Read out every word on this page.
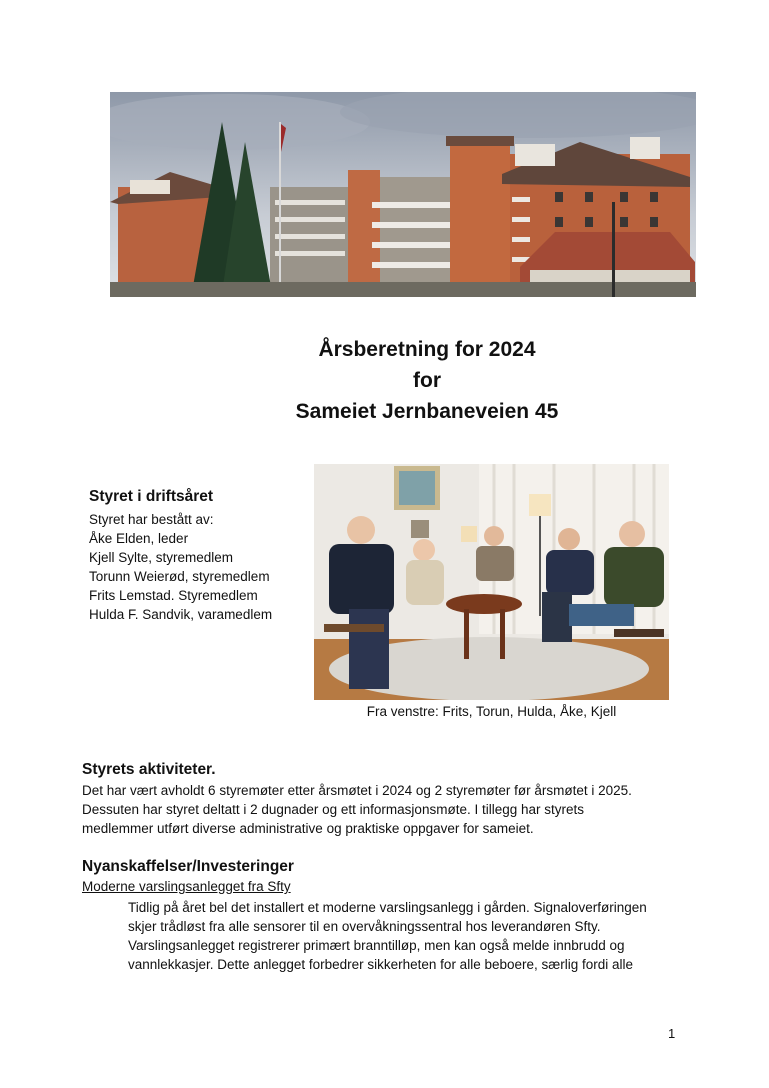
Årsberetning for 2024
for
Sameiet Jernbaneveien 45
Styret i driftsåret
Styret har bestått av:
Åke Elden, leder
Kjell Sylte, styremedlem
Torunn Weierød, styremedlem
Frits Lemstad. Styremedlem
Hulda F. Sandvik, varamedlem
Fra venstre: Frits, Torun, Hulda, Åke, Kjell
Styrets aktiviteter.
Det har vært avholdt 6 styremøter etter årsmøtet i 2024 og 2 styremøter før årsmøtet i 2025.
Dessuten har styret deltatt i 2 dugnader og ett informasjonsmøte. I tillegg har styrets
medlemmer utført diverse administrative og praktiske oppgaver for sameiet.
Nyanskaffelser/Investeringer
Moderne varslingsanlegget fra Sfty
Tidlig på året bel det installert et moderne varslingsanlegg i gården. Signaloverføringen
skjer trådløst fra alle sensorer til en overvåkningssentral hos leverandøren Sfty.
Varslingsanlegget registrerer primært branntilløp, men kan også melde innbrudd og
vannlekkasjer. Dette anlegget forbedrer sikkerheten for alle beboere, særlig fordi alle
1
